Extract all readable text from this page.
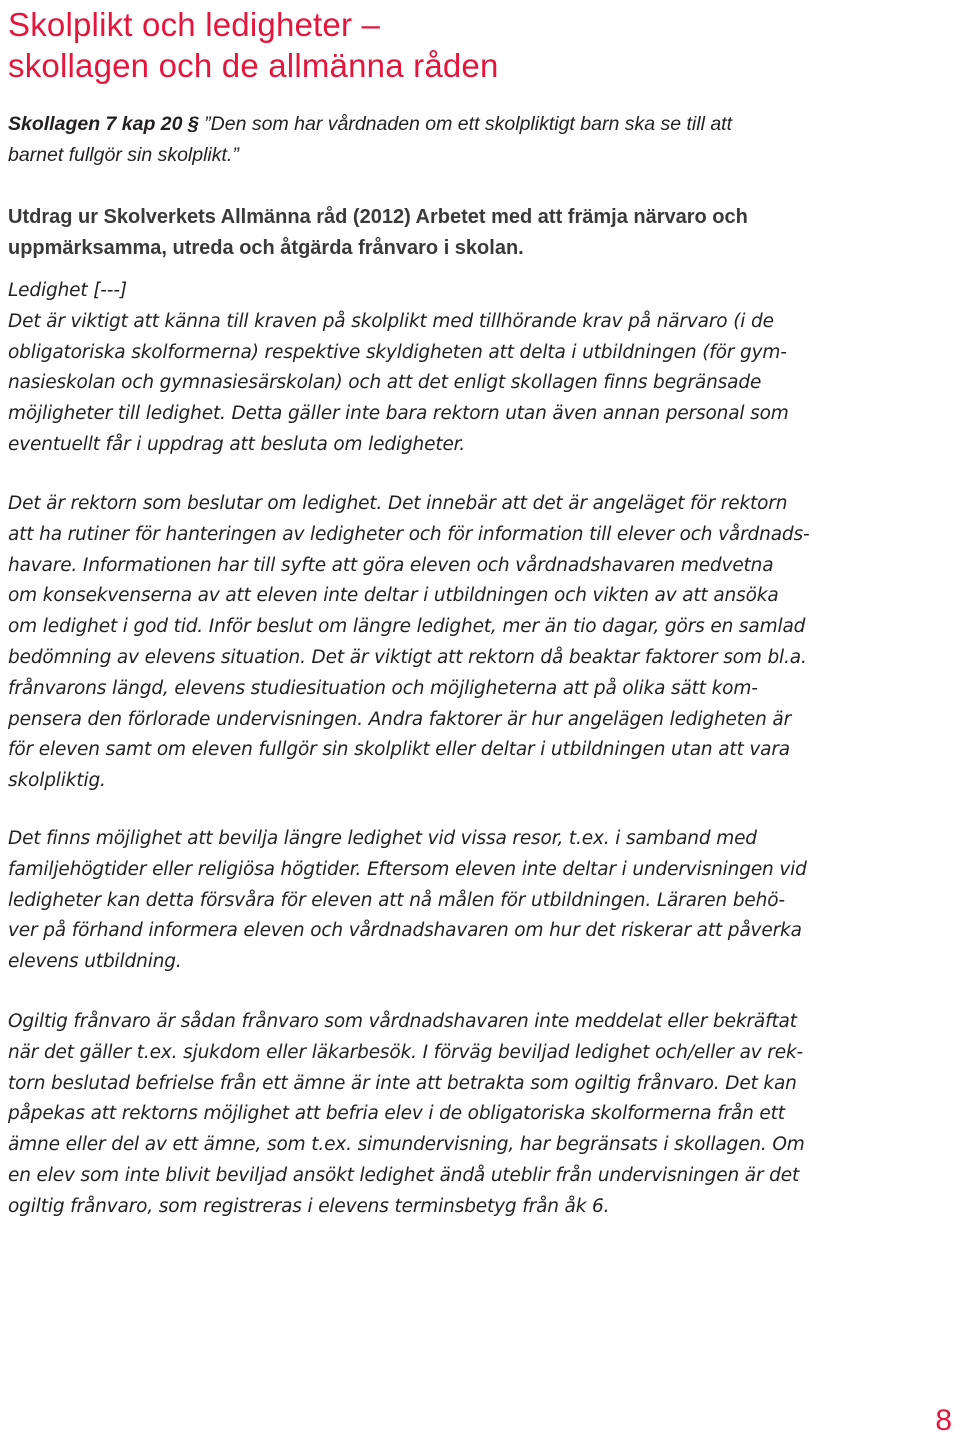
Skolplikt och ledigheter –
skollagen och de allmänna råden

Skollagen 7 kap 20 § ”Den som har vårdnaden om ett skolpliktigt barn ska se till att
barnet fullgör sin skolplikt.”

Utdrag ur Skolverkets Allmänna råd (2012) Arbetet med att främja närvaro och
uppmärksamma, utreda och åtgärda frånvaro i skolan.

Ledighet [---]
Det är viktigt att känna till kraven på skolplikt med tillhörande krav på närvaro (i de
obligatoriska skolformerna) respektive skyldigheten att delta i utbildningen (för gym-
nasieskolan och gymnasiesärskolan) och att det enligt skollagen finns begränsade
möjligheter till ledighet. Detta gäller inte bara rektorn utan även annan personal som
eventuellt får i uppdrag att besluta om ledigheter.
Det är rektorn som beslutar om ledighet. Det innebär att det är angeläget för rektorn
att ha rutiner för hanteringen av ledigheter och för information till elever och vårdnads-
havare. Informationen har till syfte att göra eleven och vårdnadshavaren medvetna
om konsekvenserna av att eleven inte deltar i utbildningen och vikten av att ansöka
om ledighet i god tid. Inför beslut om längre ledighet, mer än tio dagar, görs en samlad
bedömning av elevens situation. Det är viktigt att rektorn då beaktar faktorer som bl.a.
frånvarons längd, elevens studiesituation och möjligheterna att på olika sätt kom-
pensera den förlorade undervisningen. Andra faktorer är hur angelägen ledigheten är
för eleven samt om eleven fullgör sin skolplikt eller deltar i utbildningen utan att vara
skolpliktig.
Det finns möjlighet att bevilja längre ledighet vid vissa resor, t.ex. i samband med
familjehögtider eller religiösa högtider. Eftersom eleven inte deltar i undervisningen vid
ledigheter kan detta försvåra för eleven att nå målen för utbildningen. Läraren behö-
ver på förhand informera eleven och vårdnadshavaren om hur det riskerar att påverka
elevens utbildning.
Ogiltig frånvaro är sådan frånvaro som vårdnadshavaren inte meddelat eller bekräftat
när det gäller t.ex. sjukdom eller läkarbesök. I förväg beviljad ledighet och/eller av rek-
torn beslutad befrielse från ett ämne är inte att betrakta som ogiltig frånvaro. Det kan
påpekas att rektorns möjlighet att befria elev i de obligatoriska skolformerna från ett
ämne eller del av ett ämne, som t.ex. simundervisning, har begränsats i skollagen. Om
en elev som inte blivit beviljad ansökt ledighet ändå uteblir från undervisningen är det
ogiltig frånvaro, som registreras i elevens terminsbetyg från åk 6.
8
